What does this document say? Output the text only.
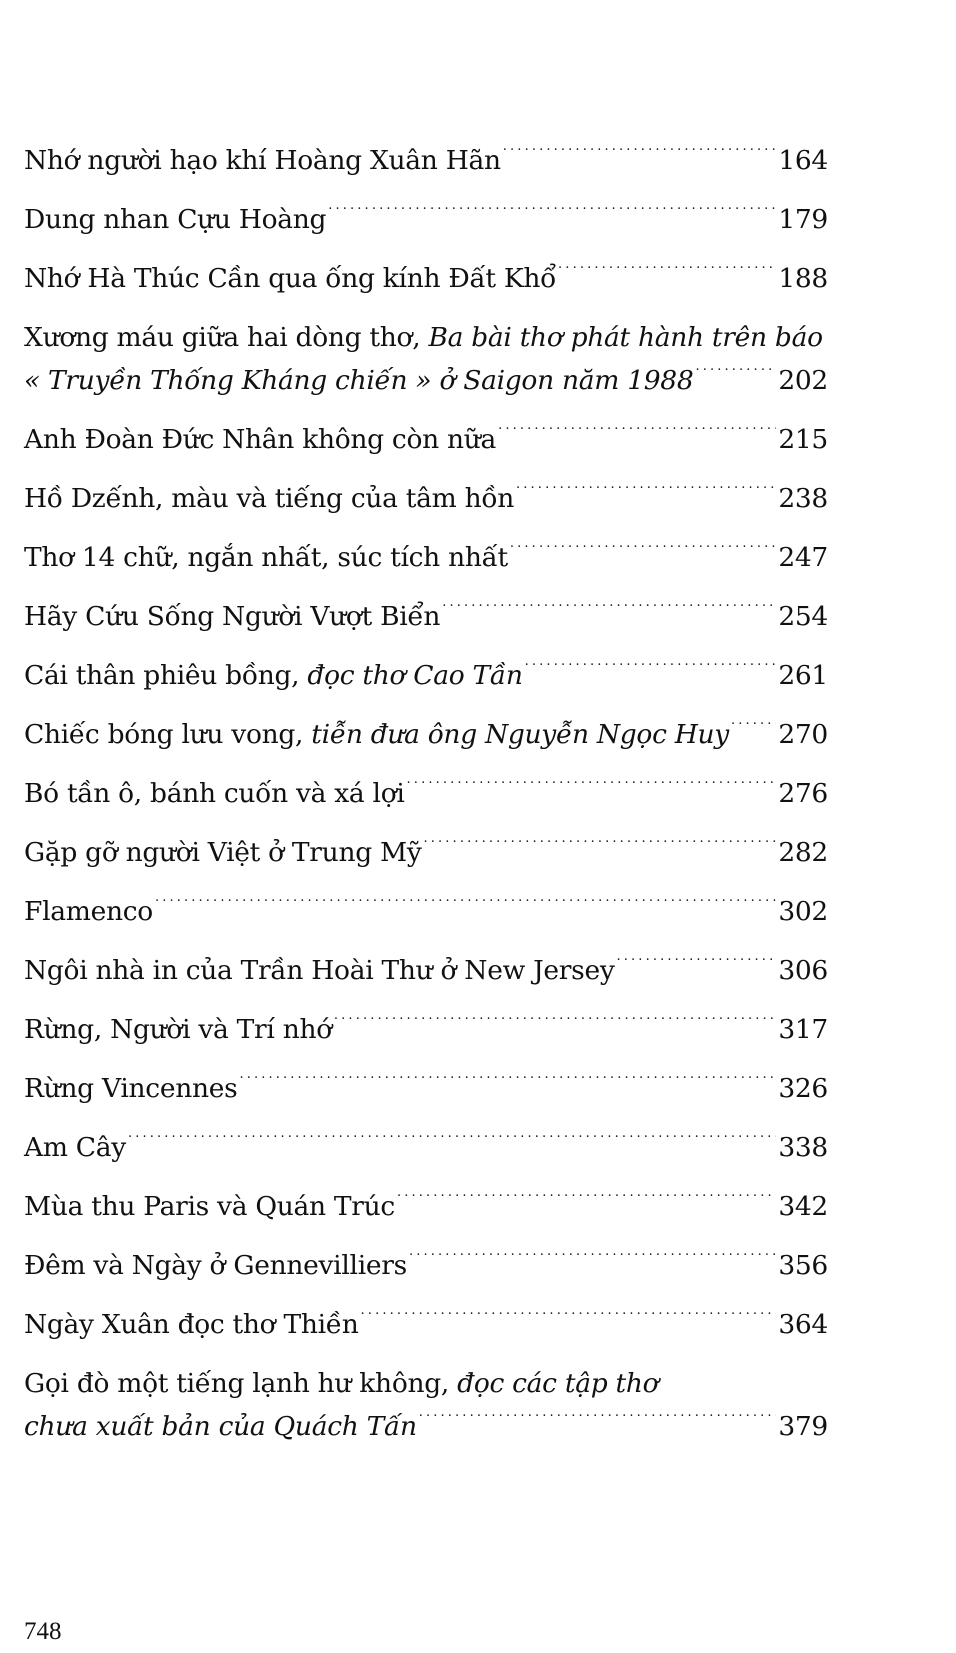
Nhớ người hạo khí Hoàng Xuân Hãn . . .	164
Dung nhan Cựu Hoàng . . .	179
Nhớ Hà Thúc Cần qua ống kính Đất Khổ . . .	188
Xương máu giữa hai dòng thơ, Ba bài thơ phát hành trên báo
« Truyền Thống Kháng chiến » ở Saigon năm 1988 . . .	202
Anh Đoàn Đức Nhân không còn nữa . . .	215
Hồ Dzếnh, màu và tiếng của tâm hồn . . .	238
Thơ 14 chữ, ngắn nhất, súc tích nhất . . .	247
Hãy Cứu Sống Người Vượt Biển . . .	254
Cái thân phiêu bồng, đọc thơ Cao Tần . . .	261
Chiếc bóng lưu vong, tiễn đưa ông Nguyễn Ngọc Huy . . . 270
Bó tần ô, bánh cuốn và xá lợi . . .	276
Gặp gỡ người Việt ở Trung Mỹ . . .	282
Flamenco . . .	302
Ngôi nhà in của Trần Hoài Thư ở New Jersey . . .	306
Rừng, Người và Trí nhớ . . .	317
Rừng Vincennes . . .	326
Am Cây . . .	338
Mùa thu Paris và Quán Trúc . . .	342
Đêm và Ngày ở Gennevilliers . . .	356
Ngày Xuân đọc thơ Thiền . . .	364
Gọi đò một tiếng lạnh hư không, đọc các tập thơ
chưa xuất bản của Quách Tấn . . .	379
748
